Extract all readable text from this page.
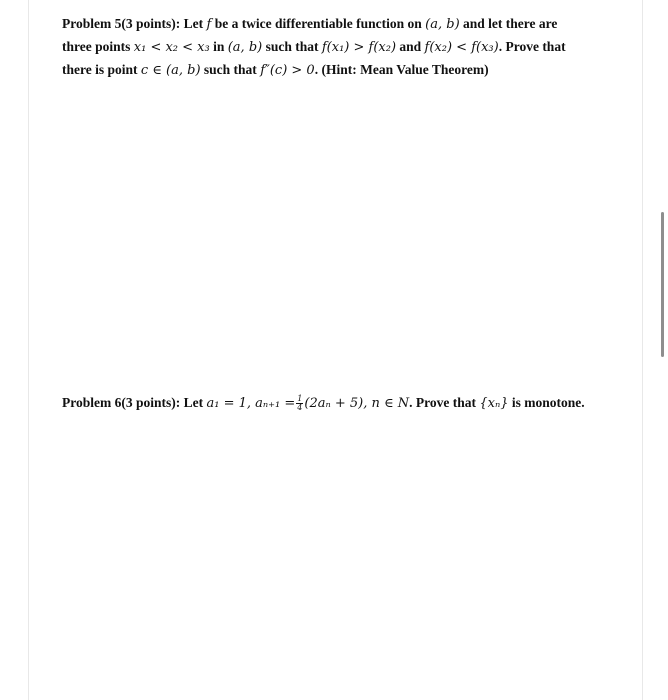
Problem 5(3 points): Let f be a twice differentiable function on (a, b) and let there are
three points x₁ < x₂ < x₃ in (a, b) such that f(x₁) > f(x₂) and f(x₂) < f(x₃). Prove that
there is point c ∈ (a, b) such that f″(c) > 0. (Hint: Mean Value Theorem)
Problem 6(3 points): Let a₁ = 1, $a_{n+1} = \frac{1}{4} (2a_n + 5)$, n ∈ N. Prove that {xₙ} is monotone.
